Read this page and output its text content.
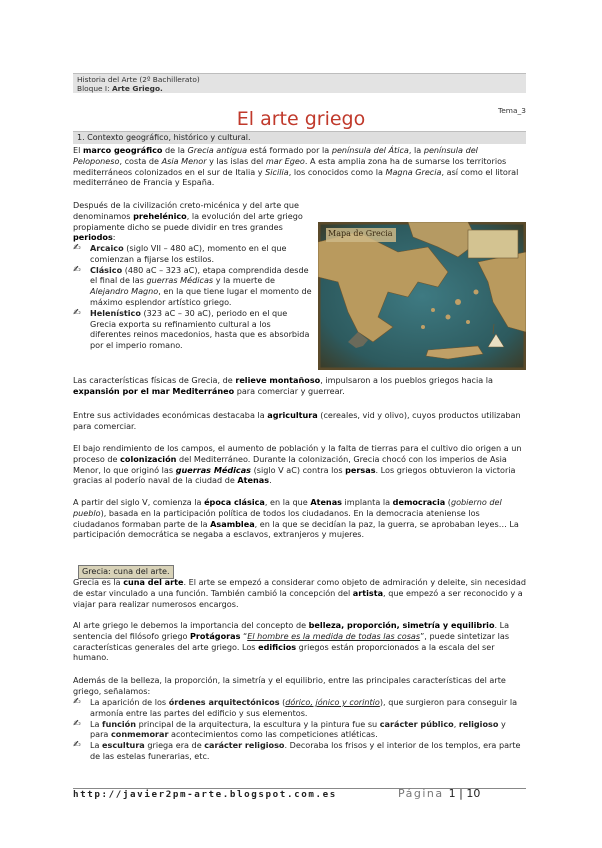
Historia del Arte (2º Bachillerato)
Bloque I: Arte Griego.
Tema_3
El arte griego
1. Contexto geográfico, histórico y cultural.
El marco geográfico de la Grecia antigua está formado por la península del Ática, la península del Peloponeso, costa de Asia Menor y las islas del mar Egeo. A esta amplia zona ha de sumarse los territorios mediterráneos colonizados en el sur de Italia y Sicilia, los conocidos como la Magna Grecia, así como el litoral mediterráneo de Francia y España.
Después de la civilización creto-micénica y del arte que denominamos prehelénico, la evolución del arte griego propiamente dicho se puede dividir en tres grandes periodos:
✍ Arcaico (siglo VII – 480 aC), momento en el que comienzan a fijarse los estilos.
✍ Clásico (480 aC – 323 aC), etapa comprendida desde el final de las guerras Médicas y la muerte de Alejandro Magno, en la que tiene lugar el momento de máximo esplendor artístico griego.
✍ Helenístico (323 aC – 30 aC), periodo en el que Grecia exporta su refinamiento cultural a los diferentes reinos macedonios, hasta que es absorbida por el imperio romano.
Mapa de Grecia
Las características físicas de Grecia, de relieve montañoso, impulsaron a los pueblos griegos hacia la expansión por el mar Mediterráneo para comerciar y guerrear.
Entre sus actividades económicas destacaba la agricultura (cereales, vid y olivo), cuyos productos utilizaban para comerciar.
El bajo rendimiento de los campos, el aumento de población y la falta de tierras para el cultivo dio origen a un proceso de colonización del Mediterráneo. Durante la colonización, Grecia chocó con los imperios de Asia Menor, lo que originó las guerras Médicas (siglo V aC) contra los persas. Los griegos obtuvieron la victoria gracias al poderío naval de la ciudad de Atenas.
A partir del siglo V, comienza la época clásica, en la que Atenas implanta la democracia (gobierno del pueblo), basada en la participación política de todos los ciudadanos. En la democracia ateniense los ciudadanos formaban parte de la Asamblea, en la que se decidían la paz, la guerra, se aprobaban leyes… La participación democrática se negaba a esclavos, extranjeros y mujeres.
Grecia: cuna del arte.
Grecia es la cuna del arte. El arte se empezó a considerar como objeto de admiración y deleite, sin necesidad de estar vinculado a una función. También cambió la concepción del artista, que empezó a ser reconocido y a viajar para realizar numerosos encargos.
Al arte griego le debemos la importancia del concepto de belleza, proporción, simetría y equilibrio. La sentencia del filósofo griego Protágoras “El hombre es la medida de todas las cosas”, puede sintetizar las características generales del arte griego. Los edificios griegos están proporcionados a la escala del ser humano.
Además de la belleza, la proporción, la simetría y el equilibrio, entre las principales características del arte griego, señalamos:
✍ La aparición de los órdenes arquitectónicos (dórico, jónico y corintio), que surgieron para conseguir la armonía entre las partes del edificio y sus elementos.
✍ La función principal de la arquitectura, la escultura y la pintura fue su carácter público, religioso y para conmemorar acontecimientos como las competiciones atléticas.
✍ La escultura griega era de carácter religioso. Decoraba los frisos y el interior de los templos, era parte de las estelas funerarias, etc.
http://javier2pm-arte.blogspot.com.es	Página 1 | 10
